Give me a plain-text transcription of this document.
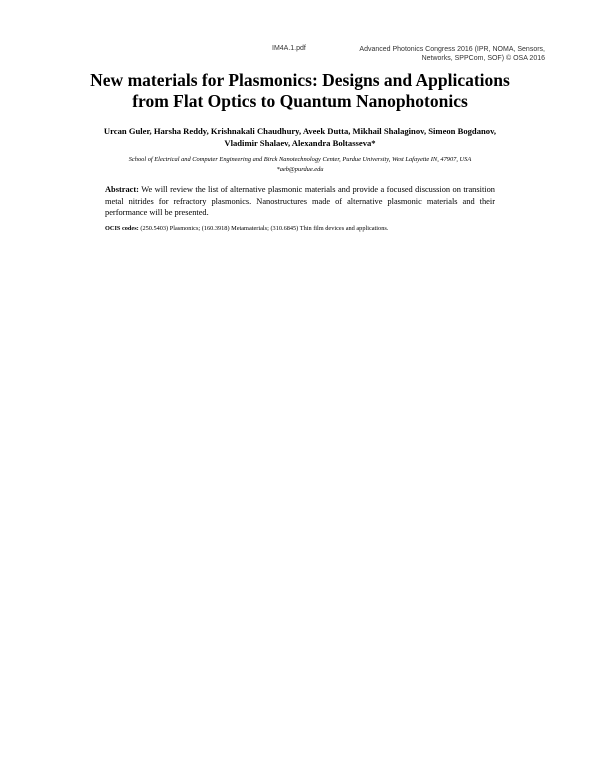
IM4A.1.pdf	Advanced Photonics Congress 2016 (IPR, NOMA, Sensors,
Networks, SPPCom, SOF) © OSA 2016
New materials for Plasmonics: Designs and Applications
from Flat Optics to Quantum Nanophotonics
Urcan Guler, Harsha Reddy, Krishnakali Chaudhury, Aveek Dutta, Mikhail Shalaginov, Simeon Bogdanov,
Vladimir Shalaev, Alexandra Boltasseva*
School of Electrical and Computer Engineering and Birck Nanotechnology Center, Purdue University, West Lafayette IN, 47907, USA
*aeb@purdue.edu
Abstract: We will review the list of alternative plasmonic materials and provide a focused discussion on transition metal nitrides for refractory plasmonics. Nanostructures made of alternative plasmonic materials and their performance will be presented.
OCIS codes: (250.5403) Plasmonics; (160.3918) Metamaterials; (310.6845) Thin film devices and applications.
